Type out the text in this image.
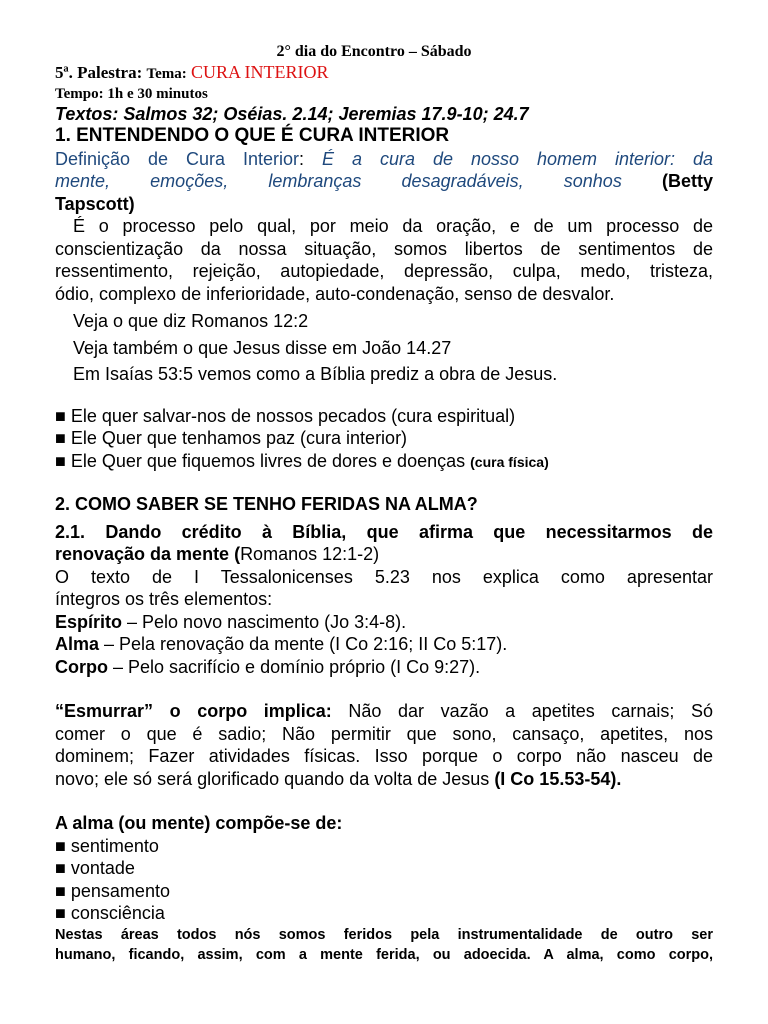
2° dia do Encontro – Sábado
5ª. Palestra: Tema: CURA INTERIOR
Tempo: 1h e 30 minutos
Textos: Salmos 32; Oséias. 2.14; Jeremias 17.9-10; 24.7
1. ENTENDENDO O QUE É CURA INTERIOR
Definição de Cura Interior: É a cura de nosso homem interior: da
mente, emoções, lembranças desagradáveis, sonhos (Betty
Tapscott)
É o processo pelo qual, por meio da oração, e de um processo de
conscientização da nossa situação, somos libertos de sentimentos de
ressentimento, rejeição, autopiedade, depressão, culpa, medo, tristeza,
ódio, complexo de inferioridade, auto-condenação, senso de desvalor.
Veja o que diz Romanos 12:2
Veja também o que Jesus disse em João 14.27
Em Isaías 53:5 vemos como a Bíblia prediz a obra de Jesus.
■ Ele quer salvar-nos de nossos pecados (cura espiritual)
■ Ele Quer que tenhamos paz (cura interior)
■ Ele Quer que fiquemos livres de dores e doenças (cura física)
2. COMO SABER SE TENHO FERIDAS NA ALMA?
2.1. Dando crédito à Bíblia, que afirma que necessitarmos de
renovação da mente (Romanos 12:1-2)
O texto de I Tessalonicenses 5.23 nos explica como apresentar
íntegros os três elementos:
Espírito – Pelo novo nascimento (Jo 3:4-8).
Alma – Pela renovação da mente (I Co 2:16; II Co 5:17).
Corpo – Pelo sacrifício e domínio próprio (I Co 9:27).
“Esmurrar” o corpo implica: Não dar vazão a apetites carnais; Só
comer o que é sadio; Não permitir que sono, cansaço, apetites, nos
dominem; Fazer atividades físicas. Isso porque o corpo não nasceu de
novo; ele só será glorificado quando da volta de Jesus (I Co 15.53-54).
A alma (ou mente) compõe-se de:
■ sentimento
■ vontade
■ pensamento
■ consciência
Nestas áreas todos nós somos feridos pela instrumentalidade de outro ser
humano, ficando, assim, com a mente ferida, ou adoecida. A alma, como corpo,
